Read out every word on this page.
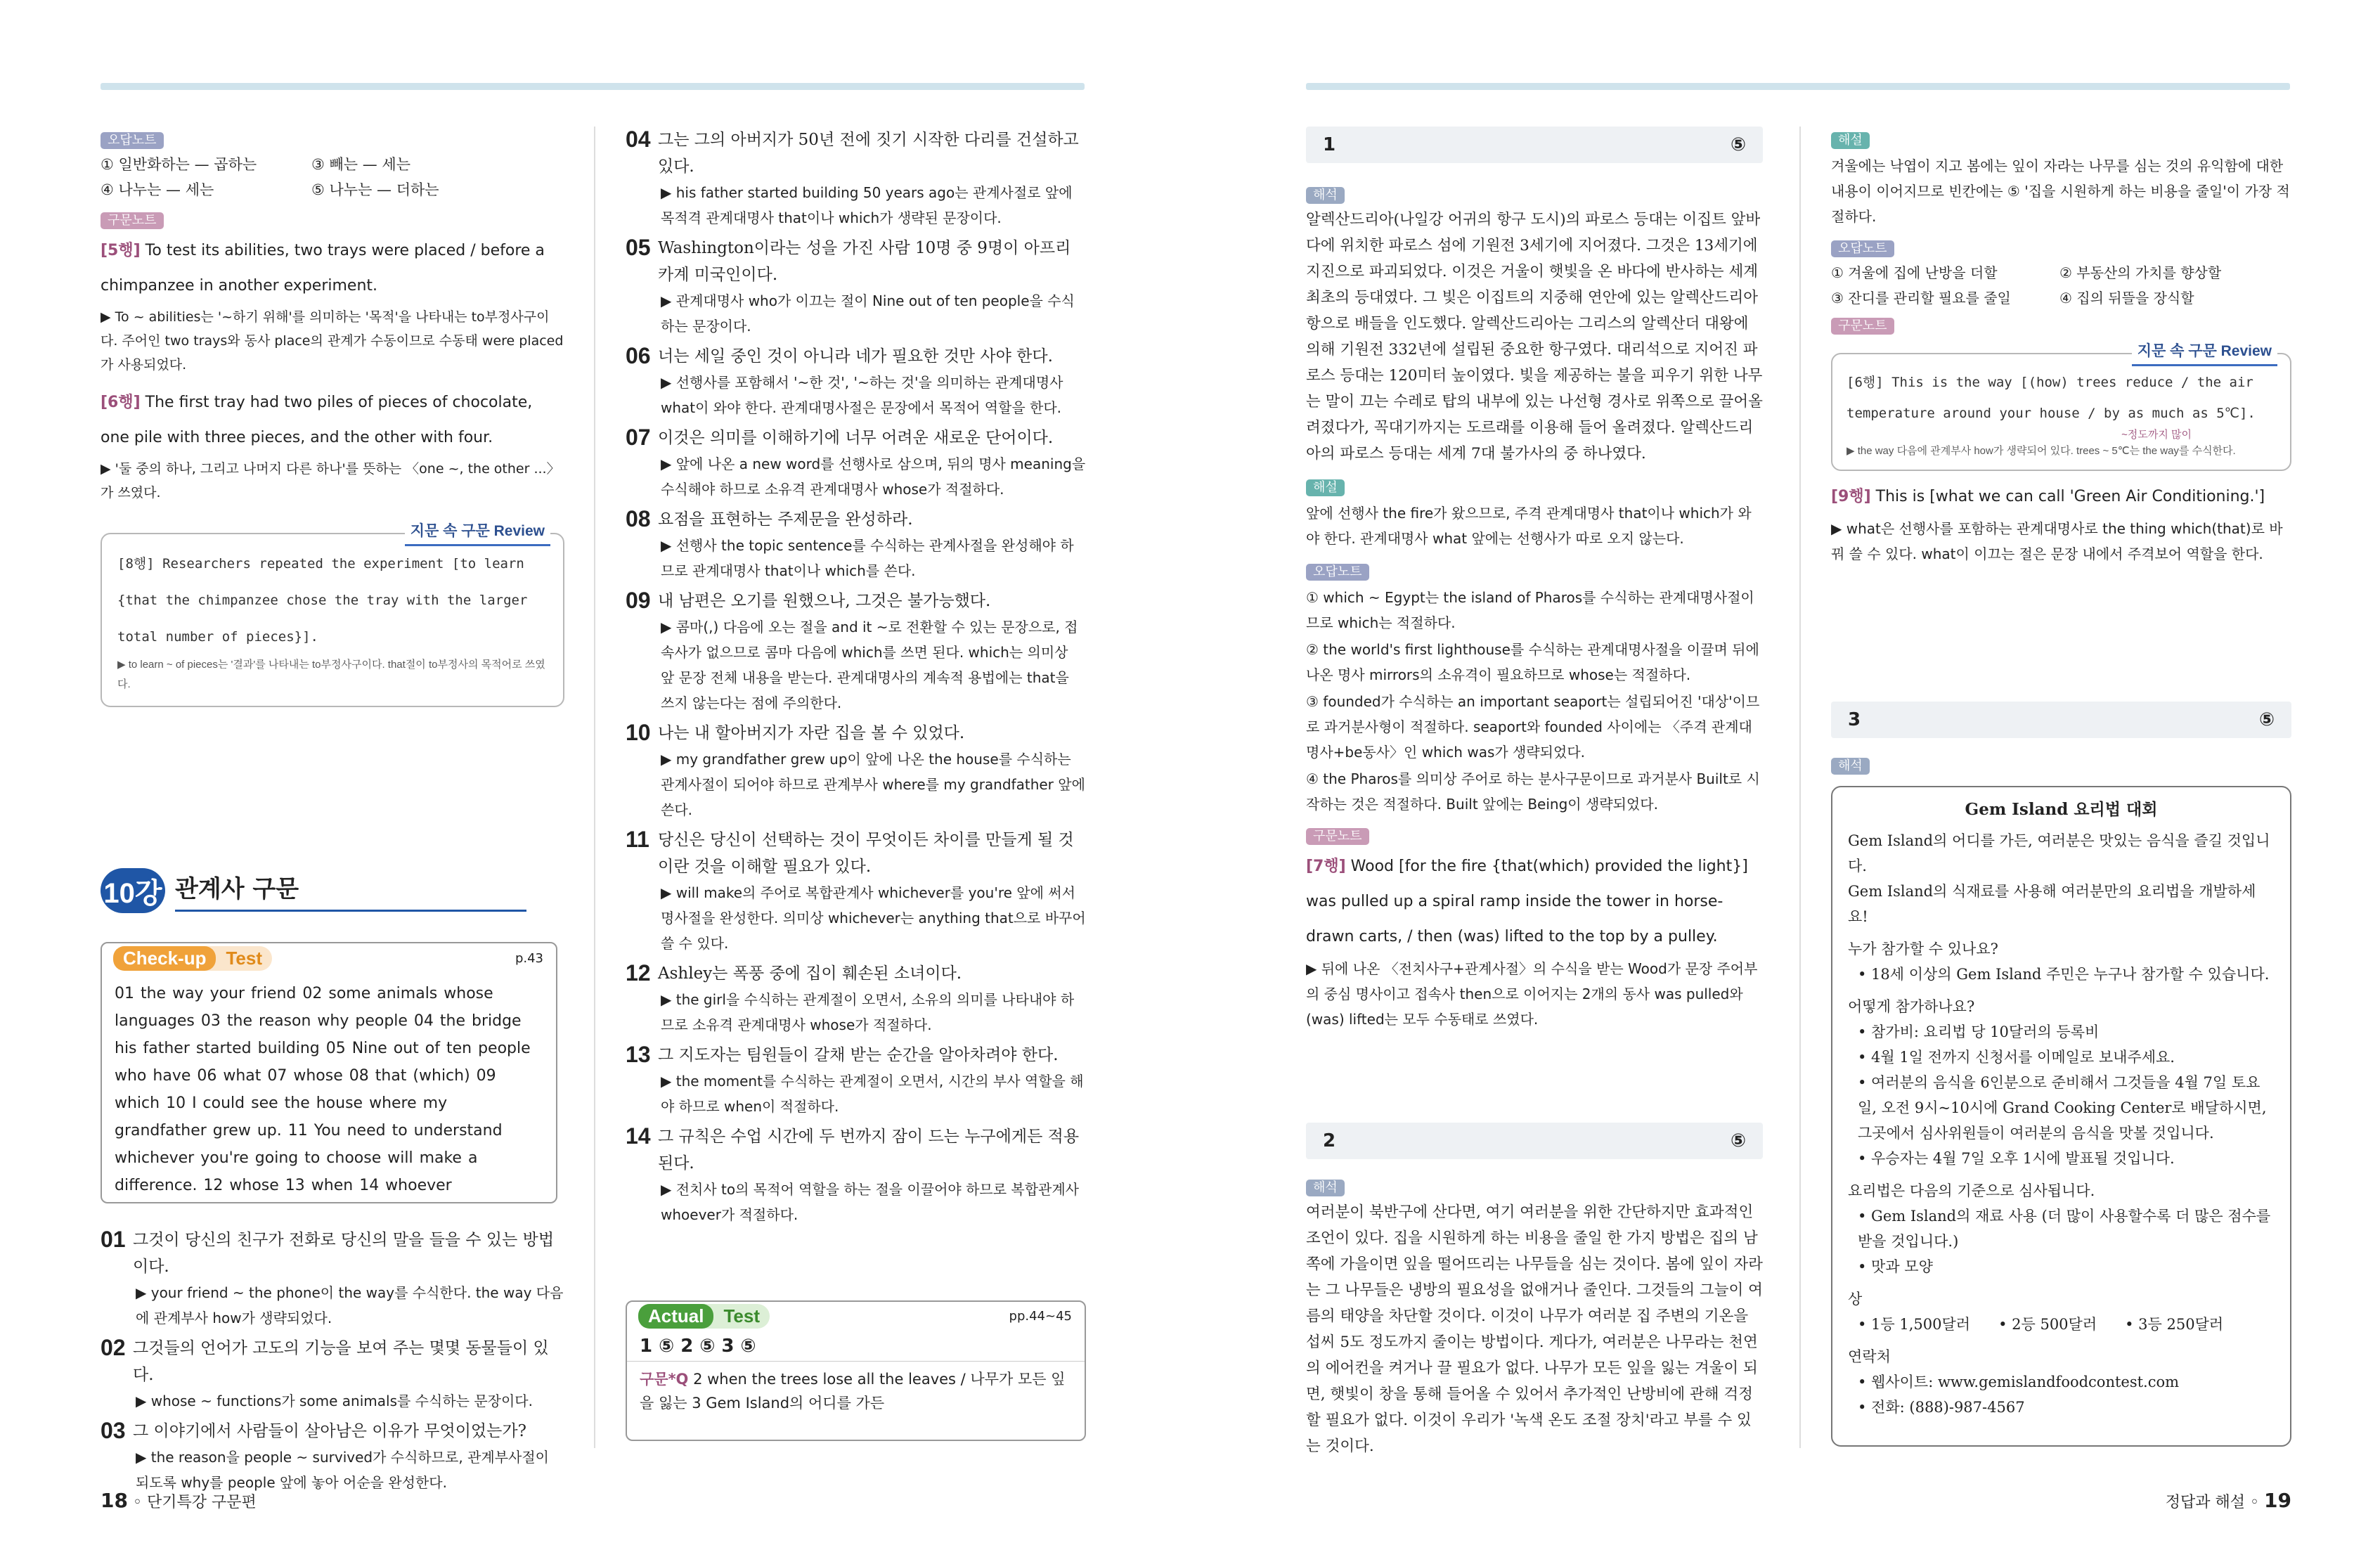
오답노트
① 일반화하는 — 곱하는	③ 빼는 — 세는
④ 나누는 — 세는	⑤ 나누는 — 더하는
구문노트
[5행] To test its abilities, two trays were placed / before a chimpanzee in another experiment.
▶ To ~ abilities는 '~하기 위해'를 의미하는 '목적'을 나타내는 to부정사구이다. 주어인 two trays와 동사 place의 관계가 수동이므로 수동태 were placed가 사용되었다.
[6행] The first tray had two piles of pieces of chocolate, one pile with three pieces, and the other with four.
▶ '둘 중의 하나, 그리고 나머지 다른 하나'를 뜻하는 〈one ~, the other ...〉가 쓰였다.
지문 속 구문 Review
[8행] Researchers repeated the experiment [to learn {that the chimpanzee chose the tray with the larger total number of pieces}].
▶ to learn ~ of pieces는 '결과'를 나타내는 to부정사구이다. that절이 to부정사의 목적어로 쓰였다.
10강 관계사 구문
Check-up	Test	p.43
01 the way your friend 02 some animals whose languages 03 the reason why people 04 the bridge his father started building 05 Nine out of ten people who have 06 what 07 whose 08 that (which) 09 which 10 I could see the house where my grandfather grew up. 11 You need to understand whichever you're going to choose will make a difference. 12 whose 13 when 14 whoever
01 그것이 당신의 친구가 전화로 당신의 말을 들을 수 있는 방법이다.
▶ your friend ~ the phone이 the way를 수식한다. the way 다음에 관계부사 how가 생략되었다.
02 그것들의 언어가 고도의 기능을 보여 주는 몇몇 동물들이 있다.
▶ whose ~ functions가 some animals를 수식하는 문장이다.
03 그 이야기에서 사람들이 살아남은 이유가 무엇이었는가?
▶ the reason을 people ~ survived가 수식하므로, 관계부사절이 되도록 why를 people 앞에 놓아 어순을 완성한다.
04 그는 그의 아버지가 50년 전에 짓기 시작한 다리를 건설하고 있다.
▶ his father started building 50 years ago는 관계사절로 앞에 목적격 관계대명사 that이나 which가 생략된 문장이다.
05 Washington이라는 성을 가진 사람 10명 중 9명이 아프리카계 미국인이다.
▶ 관계대명사 who가 이끄는 절이 Nine out of ten people을 수식하는 문장이다.
06 너는 세일 중인 것이 아니라 네가 필요한 것만 사야 한다.
▶ 선행사를 포함해서 '~한 것', '~하는 것'을 의미하는 관계대명사 what이 와야 한다. 관계대명사절은 문장에서 목적어 역할을 한다.
07 이것은 의미를 이해하기에 너무 어려운 새로운 단어이다.
▶ 앞에 나온 a new word를 선행사로 삼으며, 뒤의 명사 meaning을 수식해야 하므로 소유격 관계대명사 whose가 적절하다.
08 요점을 표현하는 주제문을 완성하라.
▶ 선행사 the topic sentence를 수식하는 관계사절을 완성해야 하므로 관계대명사 that이나 which를 쓴다.
09 내 남편은 오기를 원했으나, 그것은 불가능했다.
▶ 콤마(,) 다음에 오는 절을 and it ~로 전환할 수 있는 문장으로, 접속사가 없으므로 콤마 다음에 which를 쓰면 된다. which는 의미상 앞 문장 전체 내용을 받는다. 관계대명사의 계속적 용법에는 that을 쓰지 않는다는 점에 주의한다.
10 나는 내 할아버지가 자란 집을 볼 수 있었다.
▶ my grandfather grew up이 앞에 나온 the house를 수식하는 관계사절이 되어야 하므로 관계부사 where를 my grandfather 앞에 쓴다.
11 당신은 당신이 선택하는 것이 무엇이든 차이를 만들게 될 것이란 것을 이해할 필요가 있다.
▶ will make의 주어로 복합관계사 whichever를 you're 앞에 써서 명사절을 완성한다. 의미상 whichever는 anything that으로 바꾸어 쓸 수 있다.
12 Ashley는 폭풍 중에 집이 훼손된 소녀이다.
▶ the girl을 수식하는 관계절이 오면서, 소유의 의미를 나타내야 하므로 소유격 관계대명사 whose가 적절하다.
13 그 지도자는 팀원들이 갈채 받는 순간을 알아차려야 한다.
▶ the moment를 수식하는 관계절이 오면서, 시간의 부사 역할을 해야 하므로 when이 적절하다.
14 그 규칙은 수업 시간에 두 번까지 잠이 드는 누구에게든 적용된다.
▶ 전치사 to의 목적어 역할을 하는 절을 이끌어야 하므로 복합관계사 whoever가 적절하다.
Actual	Test	pp.44~45
1 ⑤ 2 ⑤ 3 ⑤
구문*Q 2 when the trees lose all the leaves / 나무가 모든 잎을 잃는 3 Gem Island의 어디를 가든
18 ◦ 단기특강 구문편
1	⑤
해석
알렉산드리아(나일강 어귀의 항구 도시)의 파로스 등대는 이집트 앞바다에 위치한 파로스 섬에 기원전 3세기에 지어졌다. 그것은 13세기에 지진으로 파괴되었다. 이것은 거울이 햇빛을 온 바다에 반사하는 세계 최초의 등대였다. 그 빛은 이집트의 지중해 연안에 있는 알렉산드리아 항으로 배들을 인도했다. 알렉산드리아는 그리스의 알렉산더 대왕에 의해 기원전 332년에 설립된 중요한 항구였다. 대리석으로 지어진 파로스 등대는 120미터 높이였다. 빛을 제공하는 불을 피우기 위한 나무는 말이 끄는 수레로 탑의 내부에 있는 나선형 경사로 위쪽으로 끌어올려졌다가, 꼭대기까지는 도르래를 이용해 들어 올려졌다. 알렉산드리아의 파로스 등대는 세계 7대 불가사의 중 하나였다.
해설
앞에 선행사 the fire가 왔으므로, 주격 관계대명사 that이나 which가 와야 한다. 관계대명사 what 앞에는 선행사가 따로 오지 않는다.
오답노트
① which ~ Egypt는 the island of Pharos를 수식하는 관계대명사절이므로 which는 적절하다.
② the world's first lighthouse를 수식하는 관계대명사절을 이끌며 뒤에 나온 명사 mirrors의 소유격이 필요하므로 whose는 적절하다.
③ founded가 수식하는 an important seaport는 설립되어진 '대상'이므로 과거분사형이 적절하다. seaport와 founded 사이에는 〈주격 관계대명사+be동사〉인 which was가 생략되었다.
④ the Pharos를 의미상 주어로 하는 분사구문이므로 과거분사 Built로 시작하는 것은 적절하다. Built 앞에는 Being이 생략되었다.
구문노트
[7행] Wood [for the fire {that(which) provided the light}] was pulled up a spiral ramp inside the tower in horse-drawn carts, / then (was) lifted to the top by a pulley.
▶ 뒤에 나온 〈전치사구+관계사절〉의 수식을 받는 Wood가 문장 주어부의 중심 명사이고 접속사 then으로 이어지는 2개의 동사 was pulled와 (was) lifted는 모두 수동태로 쓰였다.
2	⑤
해석
여러분이 북반구에 산다면, 여기 여러분을 위한 간단하지만 효과적인 조언이 있다. 집을 시원하게 하는 비용을 줄일 한 가지 방법은 집의 남쪽에 가을이면 잎을 떨어뜨리는 나무들을 심는 것이다. 봄에 잎이 자라는 그 나무들은 냉방의 필요성을 없애거나 줄인다. 그것들의 그늘이 여름의 태양을 차단할 것이다. 이것이 나무가 여러분 집 주변의 기온을 섭씨 5도 정도까지 줄이는 방법이다. 게다가, 여러분은 나무라는 천연의 에어컨을 켜거나 끌 필요가 없다. 나무가 모든 잎을 잃는 겨울이 되면, 햇빛이 창을 통해 들어올 수 있어서 추가적인 난방비에 관해 걱정할 필요가 없다. 이것이 우리가 '녹색 온도 조절 장치'라고 부를 수 있는 것이다.
해설
겨울에는 낙엽이 지고 봄에는 잎이 자라는 나무를 심는 것의 유익함에 대한 내용이 이어지므로 빈칸에는 ⑤ '집을 시원하게 하는 비용을 줄일'이 가장 적절하다.
오답노트
① 겨울에 집에 난방을 더할	② 부동산의 가치를 향상할
③ 잔디를 관리할 필요를 줄일	④ 집의 뒤뜰을 장식할
구문노트
지문 속 구문 Review
[6행] This is the way [(how) trees reduce / the air temperature around your house / by as much as 5℃].
~정도까지 많이
▶ the way 다음에 관계부사 how가 생략되어 있다. trees ~ 5℃는 the way를 수식한다.
[9행] This is [what we can call 'Green Air Conditioning.']
▶ what은 선행사를 포함하는 관계대명사로 the thing which(that)로 바꿔 쓸 수 있다. what이 이끄는 절은 문장 내에서 주격보어 역할을 한다.
3	⑤
해석
Gem Island 요리법 대회
Gem Island의 어디를 가든, 여러분은 맛있는 음식을 즐길 것입니다.
Gem Island의 식재료를 사용해 여러분만의 요리법을 개발하세요!
누가 참가할 수 있나요?
• 18세 이상의 Gem Island 주민은 누구나 참가할 수 있습니다.
어떻게 참가하나요?
• 참가비: 요리법 당 10달러의 등록비
• 4월 1일 전까지 신청서를 이메일로 보내주세요.
• 여러분의 음식을 6인분으로 준비해서 그것들을 4월 7일 토요일, 오전 9시~10시에 Grand Cooking Center로 배달하시면, 그곳에서 심사위원들이 여러분의 음식을 맛볼 것입니다.
• 우승자는 4월 7일 오후 1시에 발표될 것입니다.
요리법은 다음의 기준으로 심사됩니다.
• Gem Island의 재료 사용 (더 많이 사용할수록 더 많은 점수를 받을 것입니다.)
• 맛과 모양
상
• 1등 1,500달러 • 2등 500달러 • 3등 250달러
연락처
• 웹사이트: www.gemislandfoodcontest.com
• 전화: (888)-987-4567
정답과 해설 ◦ 19
